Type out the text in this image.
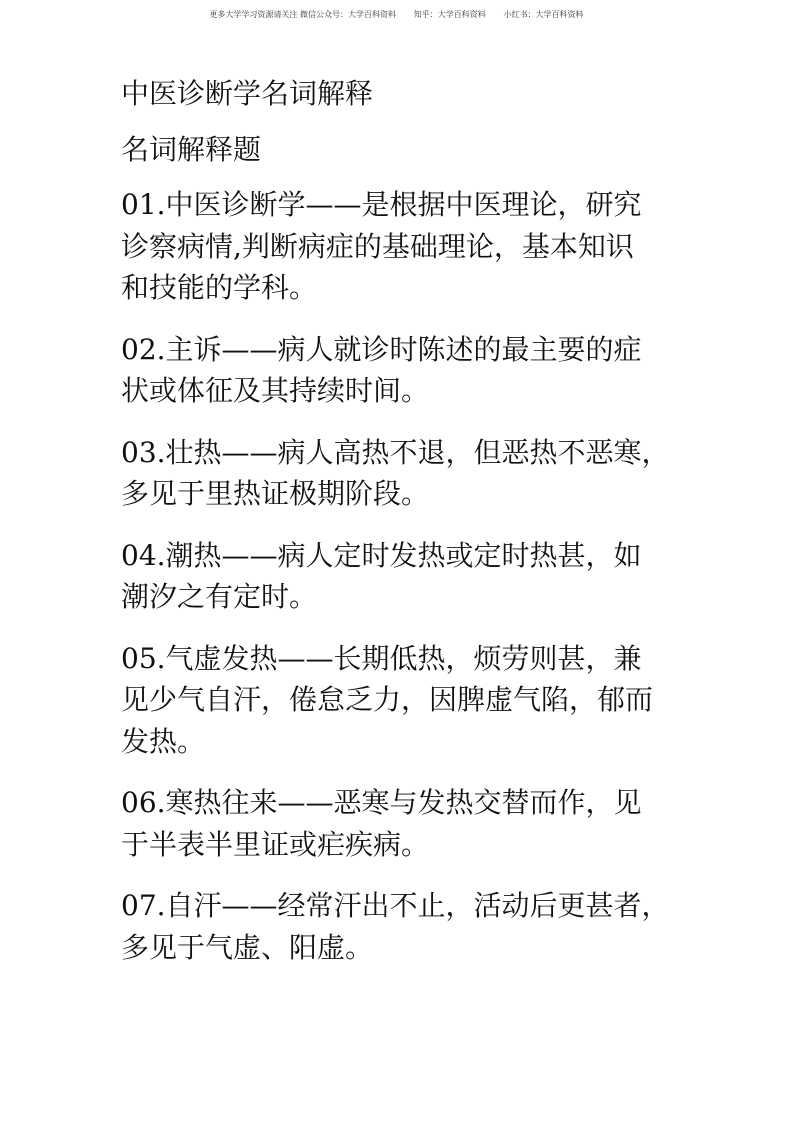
更多大学学习资源请关注 微信公众号：大学百科资料       知乎：大学百科资料       小红书：大学百科资料
中医诊断学名词解释
名词解释题
01.中医诊断学——是根据中医理论，研究
诊察病情,判断病症的基础理论，基本知识
和技能的学科。
02.主诉——病人就诊时陈述的最主要的症
状或体征及其持续时间。
03.壮热——病人高热不退，但恶热不恶寒，
多见于里热证极期阶段。
04.潮热——病人定时发热或定时热甚，如
潮汐之有定时。
05.气虚发热——长期低热，烦劳则甚，兼
见少气自汗，倦怠乏力，因脾虚气陷，郁而
发热。
06.寒热往来——恶寒与发热交替而作，见
于半表半里证或疟疾病。
07.自汗——经常汗出不止，活动后更甚者，
多见于气虚、阳虚。
